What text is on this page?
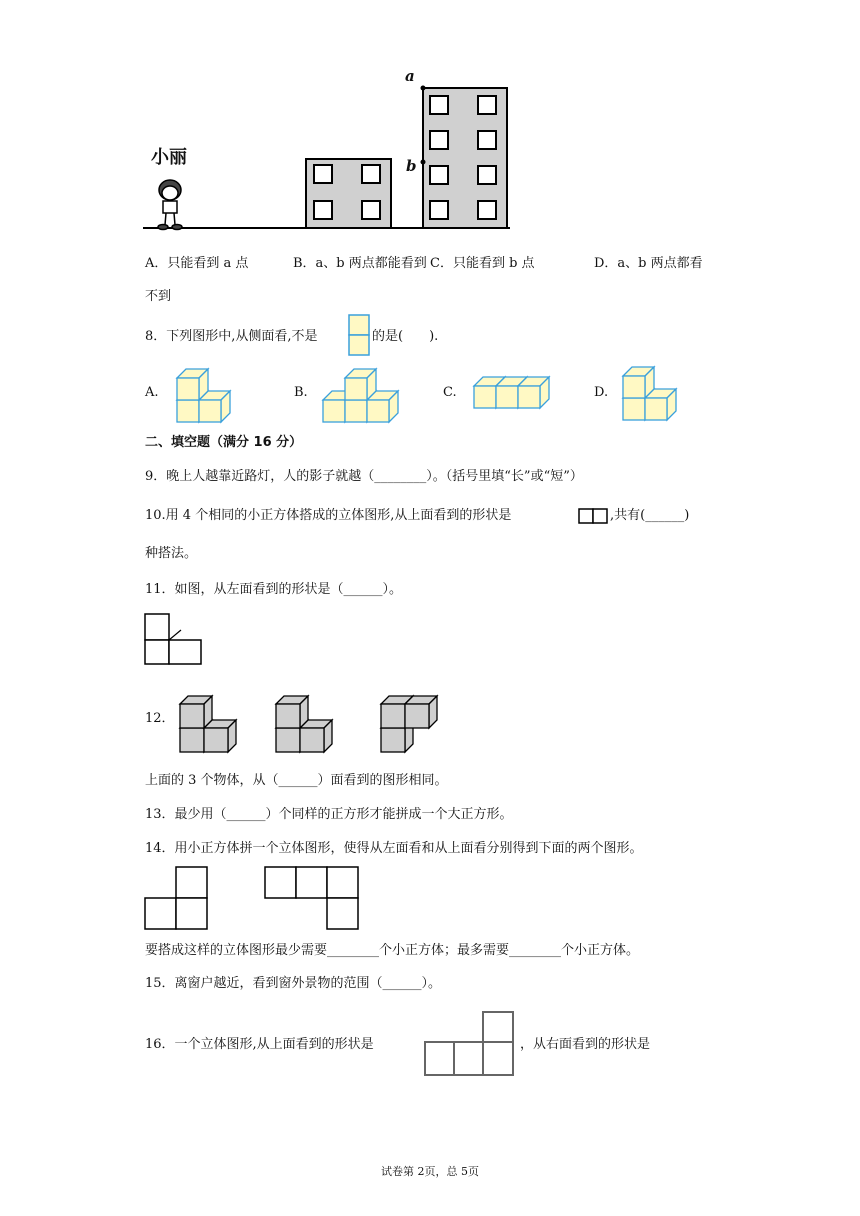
小丽
a
b
A．只能看到 a 点	B．a、b 两点都能看到 C．只能看到 b 点	D．a、b 两点都看
不到
8．下列图形中,从侧面看,不是	的是(　　).
A.	B.	C.	D.
二、填空题（满分 16 分）
9．晚上人越靠近路灯，人的影子就越（________）。（括号里填“长”或“短”）
10.用 4 个相同的小正方体搭成的立体图形,从上面看到的形状是	,共有(______)
种搭法。
11．如图，从左面看到的形状是（______）。
12．
上面的 3 个物体，从（______）面看到的图形相同。
13．最少用（______）个同样的正方形才能拼成一个大正方形。
14．用小正方体拼一个立体图形，使得从左面看和从上面看分别得到下面的两个图形。
要搭成这样的立体图形最少需要________个小正方体；最多需要________个小正方体。
15．离窗户越近，看到窗外景物的范围（______）。
16．一个立体图形,从上面看到的形状是	，从右面看到的形状是
试卷第 2页，总 5页
